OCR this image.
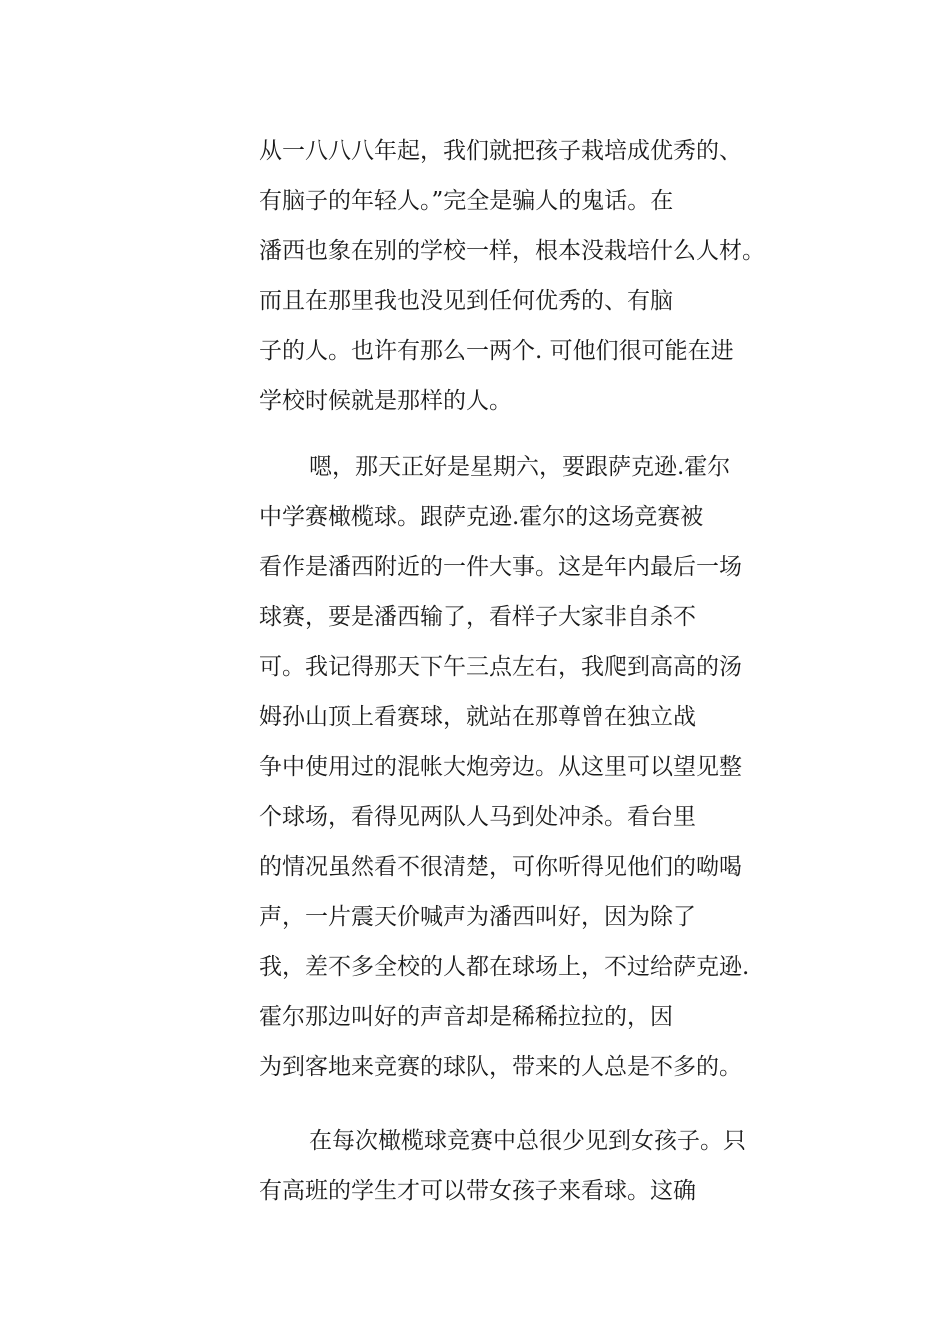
从一八八八年起，我们就把孩子栽培成优秀的、
有脑子的年轻人。”完全是骗人的鬼话。在
潘西也象在别的学校一样，根本没栽培什么人材。
而且在那里我也没见到任何优秀的、有脑
子的人。也许有那么一两个. 可他们很可能在进
学校时候就是那样的人。
嗯，那天正好是星期六，要跟萨克逊.霍尔
中学赛橄榄球。跟萨克逊.霍尔的这场竞赛被
看作是潘西附近的一件大事。这是年内最后一场
球赛，要是潘西输了，看样子大家非自杀不
可。我记得那天下午三点左右，我爬到高高的汤
姆孙山顶上看赛球，就站在那尊曾在独立战
争中使用过的混帐大炮旁边。从这里可以望见整
个球场，看得见两队人马到处冲杀。看台里
的情况虽然看不很清楚，可你听得见他们的呦喝
声，一片震天价喊声为潘西叫好，因为除了
我，差不多全校的人都在球场上，不过给萨克逊.
霍尔那边叫好的声音却是稀稀拉拉的，因
为到客地来竞赛的球队，带来的人总是不多的。
在每次橄榄球竞赛中总很少见到女孩子。只
有高班的学生才可以带女孩子来看球。这确
